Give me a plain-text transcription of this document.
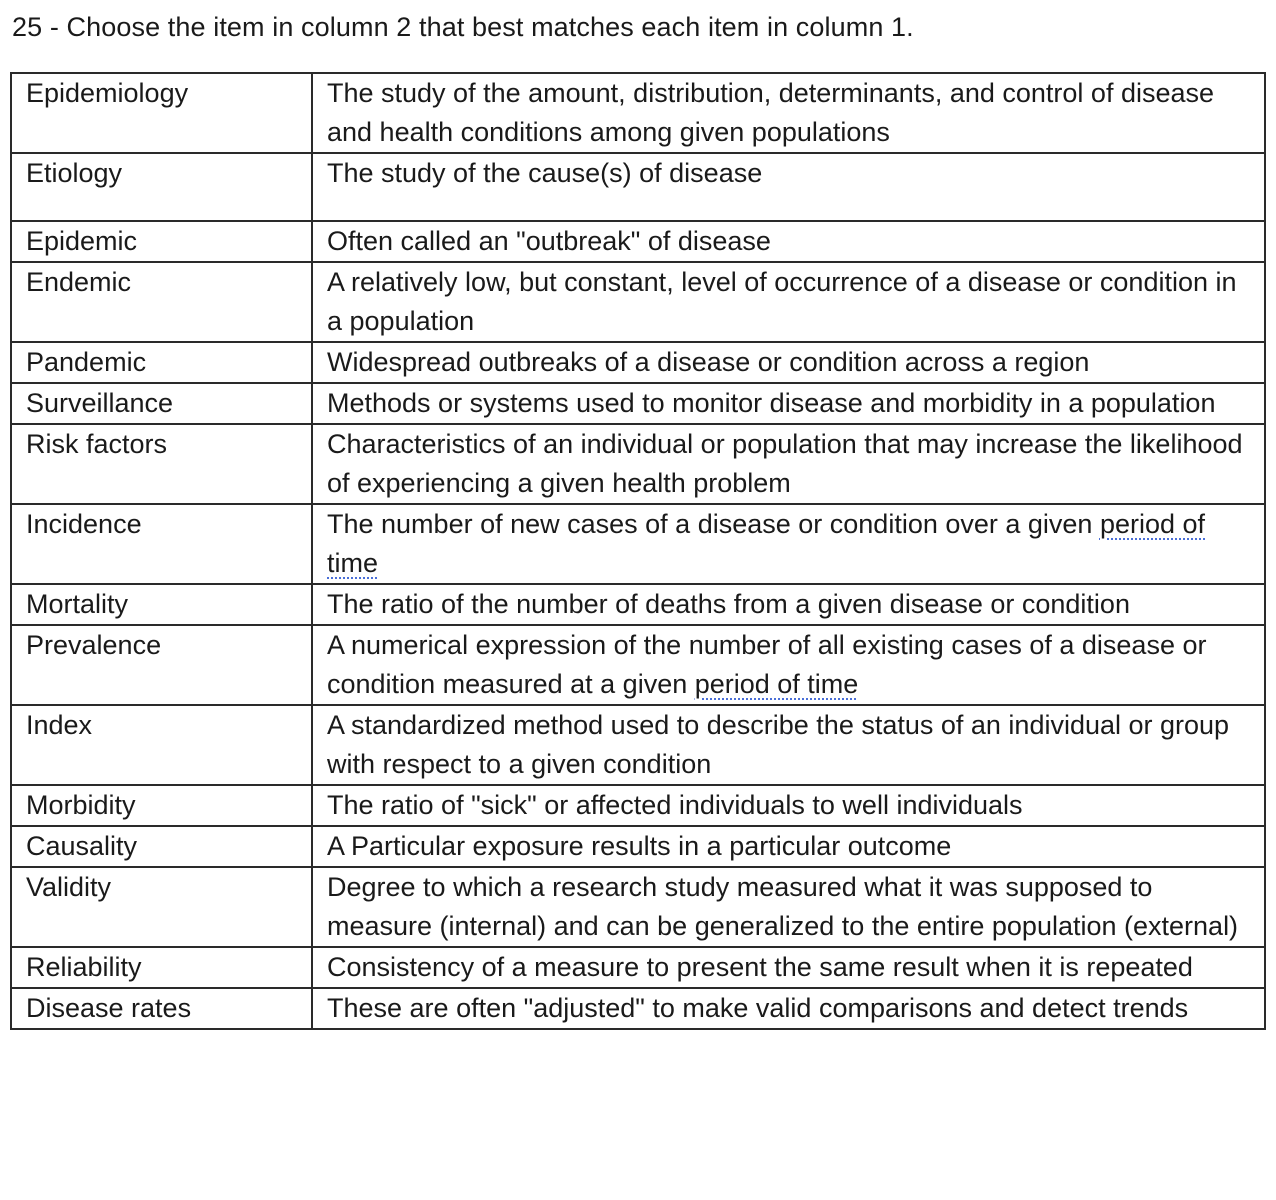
25 - Choose the item in column 2 that best matches each item in column 1.
Epidemiology	The study of the amount, distribution, determinants, and control of disease and health conditions among given populations
Etiology	The study of the cause(s) of disease
Epidemic	Often called an "outbreak" of disease
Endemic	A relatively low, but constant, level of occurrence of a disease or condition in a population
Pandemic	Widespread outbreaks of a disease or condition across a region
Surveillance	Methods or systems used to monitor disease and morbidity in a population
Risk factors	Characteristics of an individual or population that may increase the likelihood of experiencing a given health problem
Incidence	The number of new cases of a disease or condition over a given period of time
Mortality	The ratio of the number of deaths from a given disease or condition
Prevalence	A numerical expression of the number of all existing cases of a disease or condition measured at a given period of time
Index	A standardized method used to describe the status of an individual or group with respect to a given condition
Morbidity	The ratio of "sick" or affected individuals to well individuals
Causality	A Particular exposure results in a particular outcome
Validity	Degree to which a research study measured what it was supposed to measure (internal) and can be generalized to the entire population (external)
Reliability	Consistency of a measure to present the same result when it is repeated
Disease rates	These are often "adjusted" to make valid comparisons and detect trends
